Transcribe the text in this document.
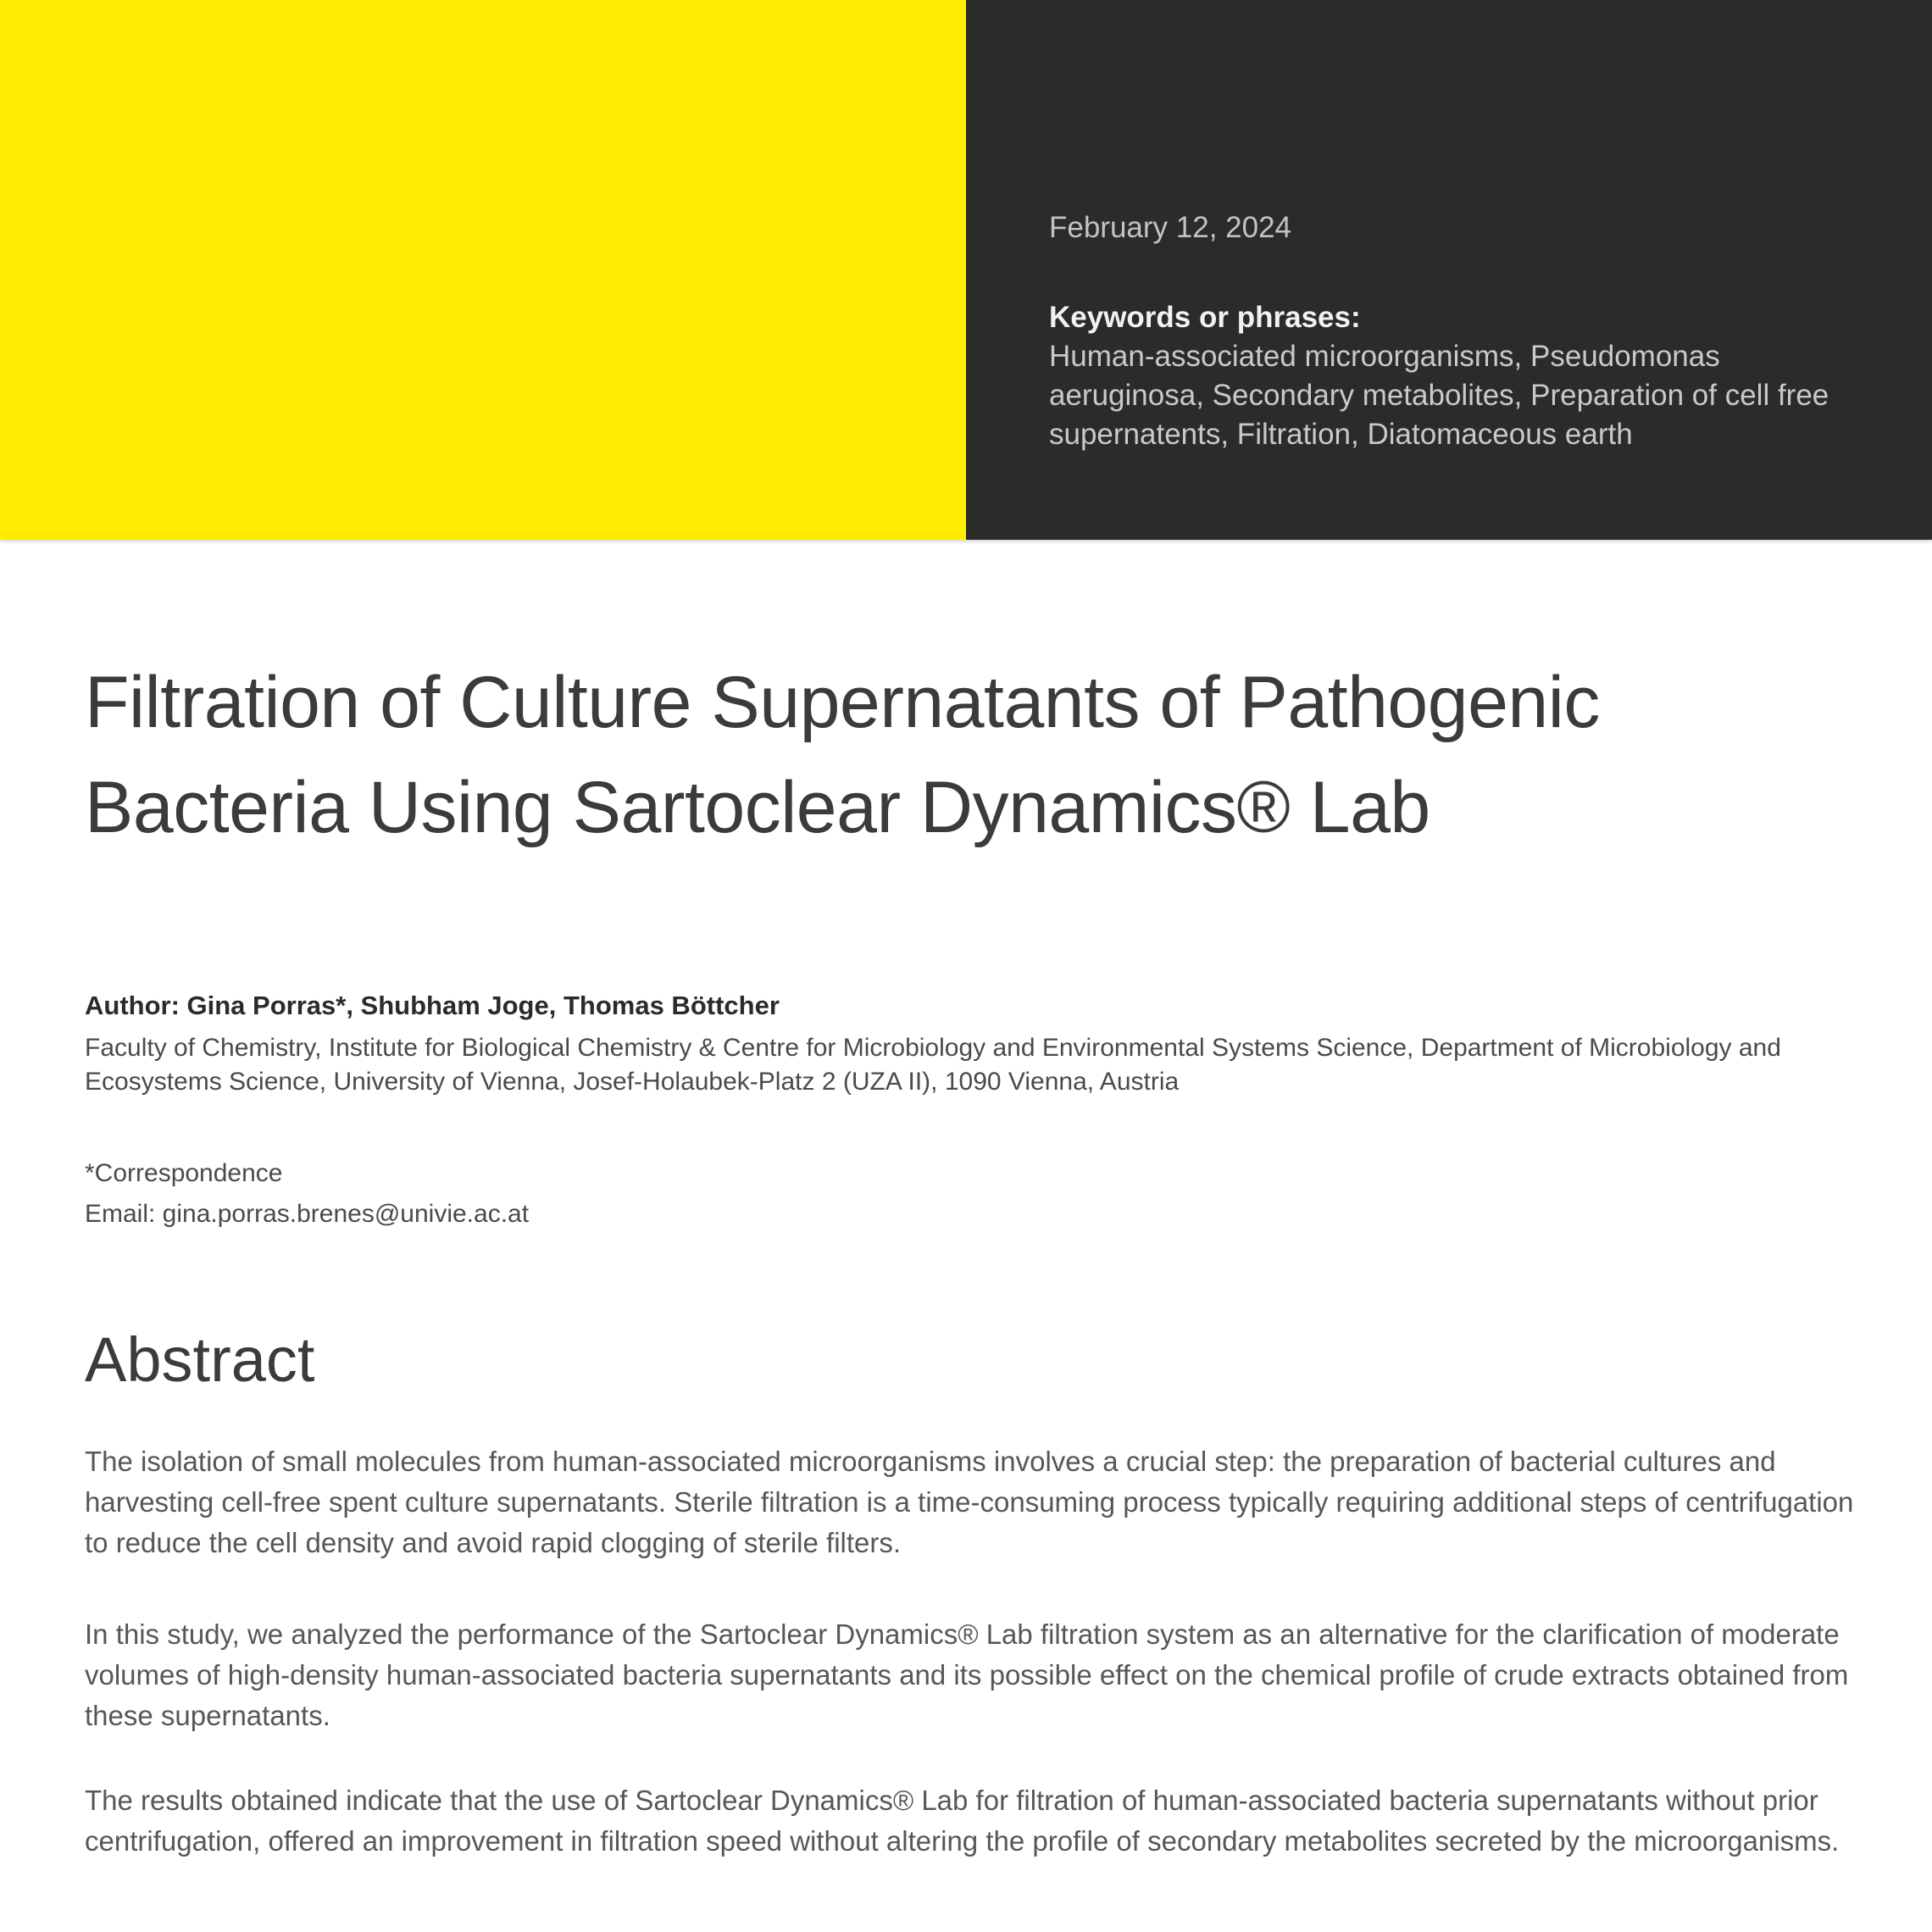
February 12, 2024
Keywords or phrases:
Human-associated microorganisms, Pseudomonas aeruginosa, Secondary metabolites, Preparation of cell free supernatents, Filtration, Diatomaceous earth
Filtration of Culture Supernatants of Pathogenic Bacteria Using Sartoclear Dynamics® Lab
Author: Gina Porras*, Shubham Joge, Thomas Böttcher
Faculty of Chemistry, Institute for Biological Chemistry & Centre for Microbiology and Environmental Systems Science, Department of Microbiology and Ecosystems Science, University of Vienna, Josef-Holaubek-Platz 2 (UZA II), 1090 Vienna, Austria
*Correspondence
Email: gina.porras.brenes@univie.ac.at
Abstract

The isolation of small molecules from human-associated microorganisms involves a crucial step: the preparation of bacterial cultures and harvesting cell-free spent culture supernatants. Sterile filtration is a time-consuming process typically requiring additional steps of centrifugation to reduce the cell density and avoid rapid clogging of sterile filters.

In this study, we analyzed the performance of the Sartoclear Dynamics® Lab filtration system as an alternative for the clarification of moderate volumes of high-density human-associated bacteria supernatants and its possible effect on the chemical profile of crude extracts obtained from these supernatants.

The results obtained indicate that the use of Sartoclear Dynamics® Lab for filtration of human-associated bacteria supernatants without prior centrifugation, offered an improvement in filtration speed without altering the profile of secondary metabolites secreted by the microorganisms.
